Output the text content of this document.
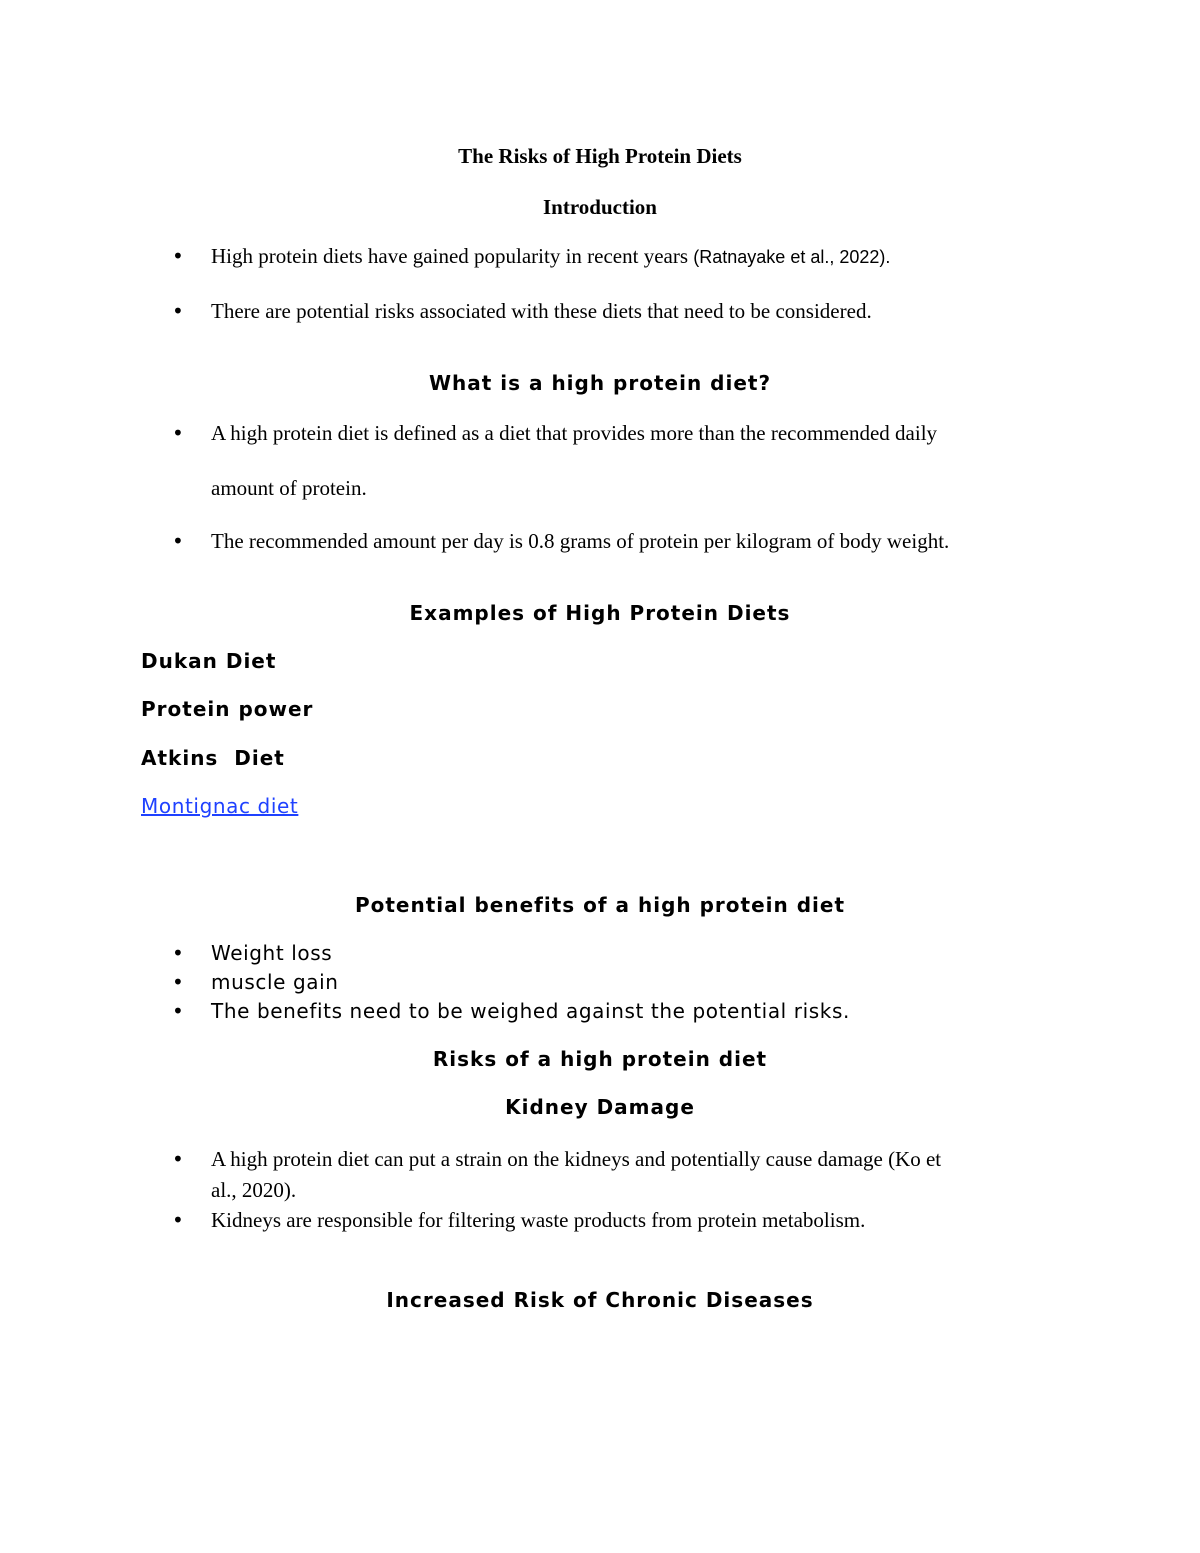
The Risks of High Protein Diets
Introduction
• High protein diets have gained popularity in recent years (Ratnayake et al., 2022).
• There are potential risks associated with these diets that need to be considered.
What is a high protein diet?
• A high protein diet is defined as a diet that provides more than the recommended daily
amount of protein.
• The recommended amount per day is 0.8 grams of protein per kilogram of body weight.
Examples of High Protein Diets
Dukan Diet
Protein power
Atkins  Diet
Montignac diet
Potential benefits of a high protein diet
• Weight loss
• muscle gain
• The benefits need to be weighed against the potential risks.
Risks of a high protein diet
Kidney Damage
• A high protein diet can put a strain on the kidneys and potentially cause damage (Ko et
al., 2020).
• Kidneys are responsible for filtering waste products from protein metabolism.
Increased Risk of Chronic Diseases
